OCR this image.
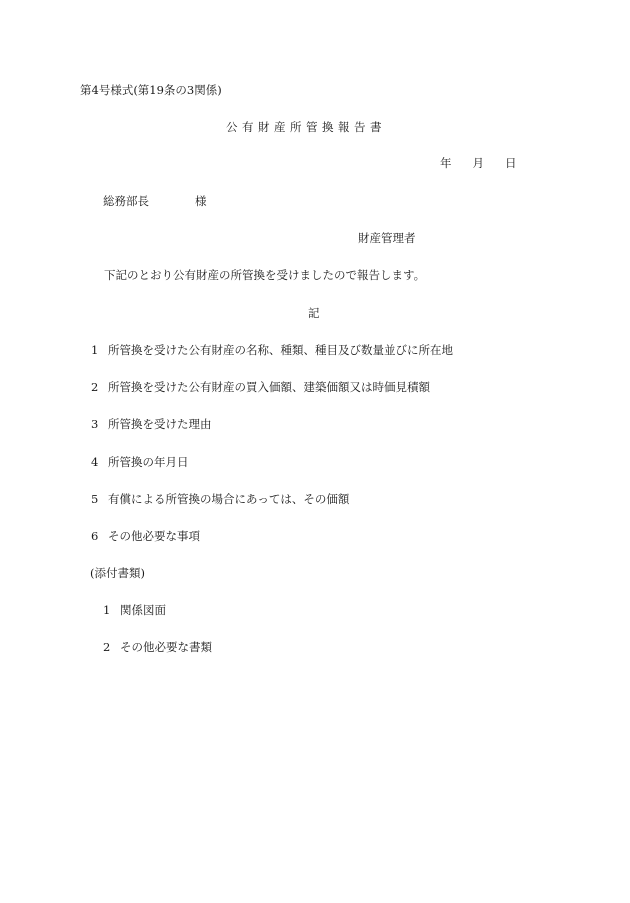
第4号様式(第19条の3関係)
公有財産所管換報告書
年 月 日
総務部長	様
財産管理者
下記のとおり公有財産の所管換を受けましたので報告します。
記
1 所管換を受けた公有財産の名称、種類、種目及び数量並びに所在地
2 所管換を受けた公有財産の買入価額、建築価額又は時価見積額
3 所管換を受けた理由
4 所管換の年月日
5 有償による所管換の場合にあっては、その価額
6 その他必要な事項
(添付書類)
1 関係図面
2 その他必要な書類
